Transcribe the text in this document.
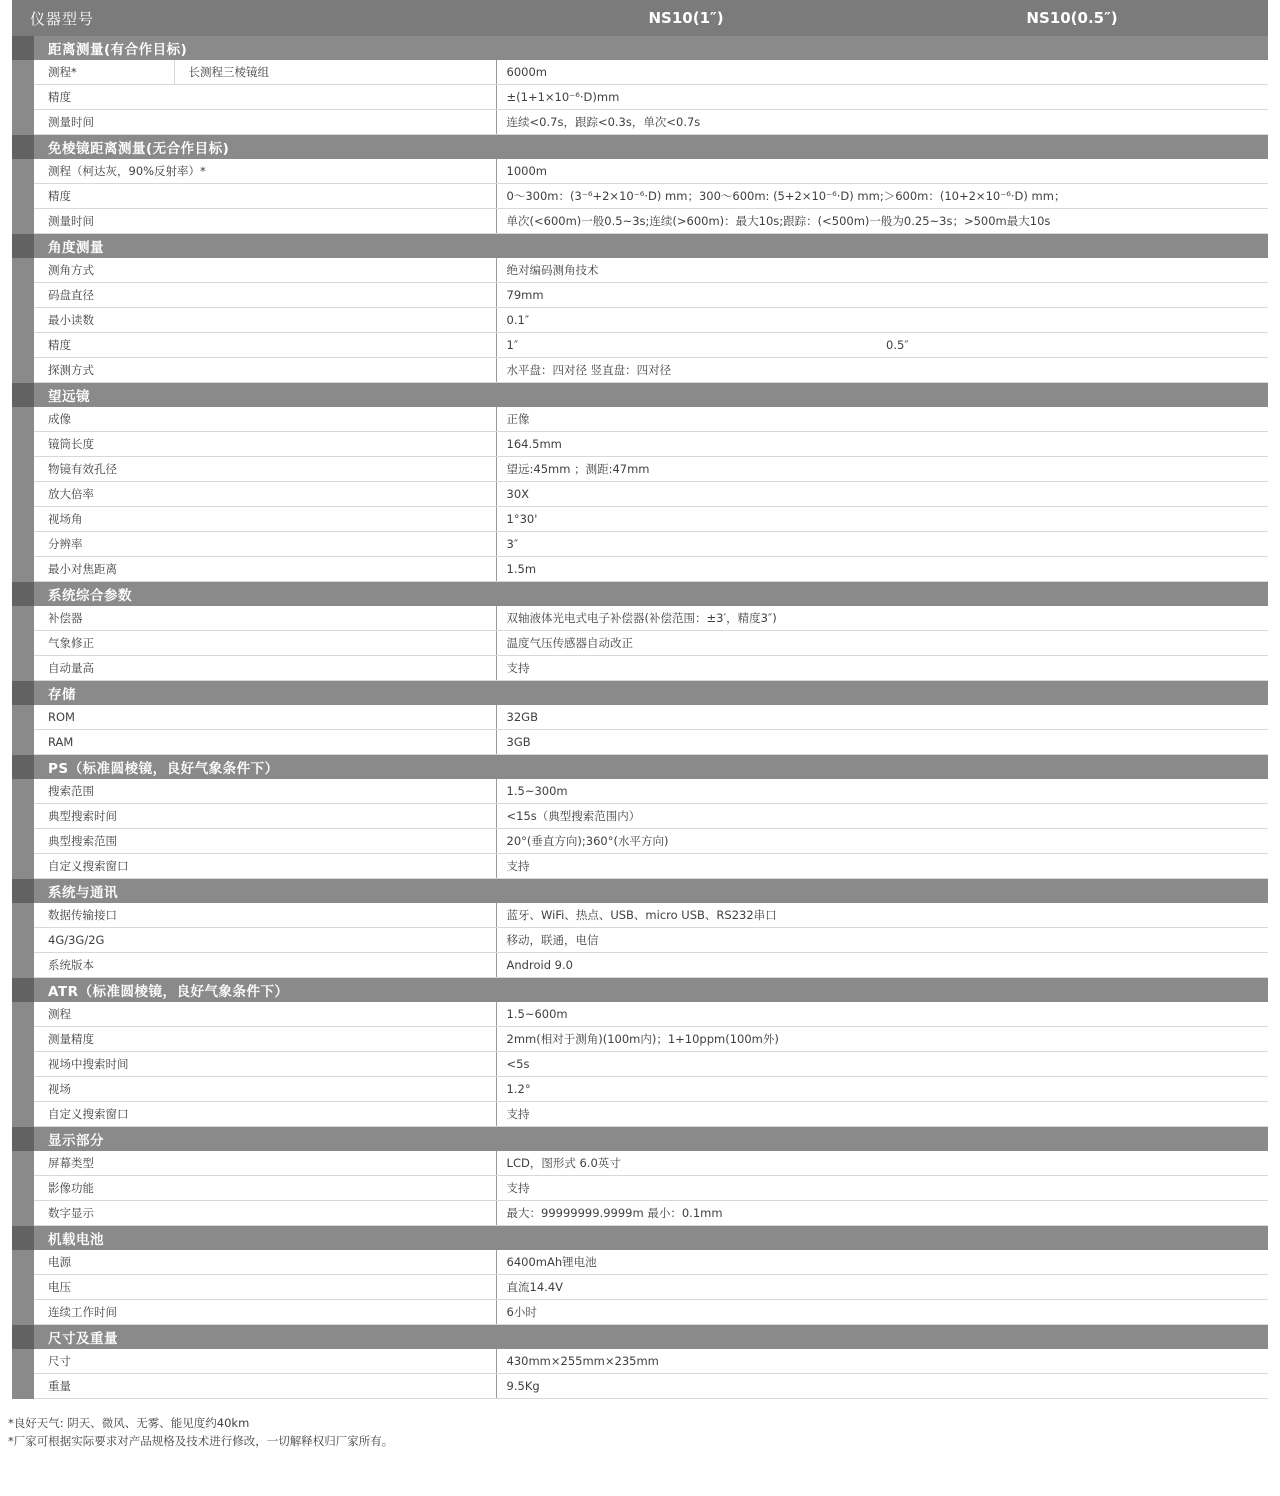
仪器型号			NS10(1″)	NS10(0.5″)
	距离测量(有合作目标)			
	测程*	长测程三棱镜组	6000m	
	精度		±(1+1×10⁻⁶·D)mm	
	测量时间		连续<0.7s，跟踪<0.3s，单次<0.7s	
	免棱镜距离测量(无合作目标)			
	测程（柯达灰，90%反射率）*		1000m	
	精度		0～300m：(3⁻⁶+2×10⁻⁶·D) mm；300～600m: (5+2×10⁻⁶·D) mm;＞600m：(10+2×10⁻⁶·D) mm；	
	测量时间		单次(<600m)一般0.5~3s;连续(>600m)：最大10s;跟踪：(<500m)一般为0.25~3s；>500m最大10s	
	角度测量			
	测角方式		绝对编码测角技术	
	码盘直径		79mm	
	最小读数		0.1″	
	精度		1″	0.5″
	探测方式		水平盘：四对径 竖直盘：四对径	
	望远镜			
	成像		正像	
	镜筒长度		164.5mm	
	物镜有效孔径		望远:45mm ；测距:47mm	
	放大倍率		30X	
	视场角		1°30'	
	分辨率		3″	
	最小对焦距离		1.5m	
	系统综合参数			
	补偿器		双轴液体光电式电子补偿器(补偿范围：±3′，精度3″)	
	气象修正		温度气压传感器自动改正	
	自动量高		支持	
	存储			
	ROM		32GB	
	RAM		3GB	
	PS（标准圆棱镜，良好气象条件下）			
	搜索范围		1.5~300m	
	典型搜索时间		<15s（典型搜索范围内）	
	典型搜索范围		20°(垂直方向);360°(水平方向)	
	自定义搜索窗口		支持	
	系统与通讯			
	数据传输接口		蓝牙、WiFi、热点、USB、micro USB、RS232串口	
	4G/3G/2G		移动，联通，电信	
	系统版本		Android 9.0	
	ATR（标准圆棱镜，良好气象条件下）			
	测程		1.5~600m	
	测量精度		2mm(相对于测角)(100m内)；1+10ppm(100m外)	
	视场中搜索时间		<5s	
	视场		1.2°	
	自定义搜索窗口		支持	
	显示部分			
	屏幕类型		LCD，图形式 6.0英寸	
	影像功能		支持	
	数字显示		最大：99999999.9999m 最小：0.1mm	
	机载电池			
	电源		6400mAh锂电池	
	电压		直流14.4V	
	连续工作时间		6小时	
	尺寸及重量			
	尺寸		430mm×255mm×235mm	
	重量		9.5Kg	
*良好天气: 阴天、微风、无雾、能见度约40km
*厂家可根据实际要求对产品规格及技术进行修改，一切解释权归厂家所有。
